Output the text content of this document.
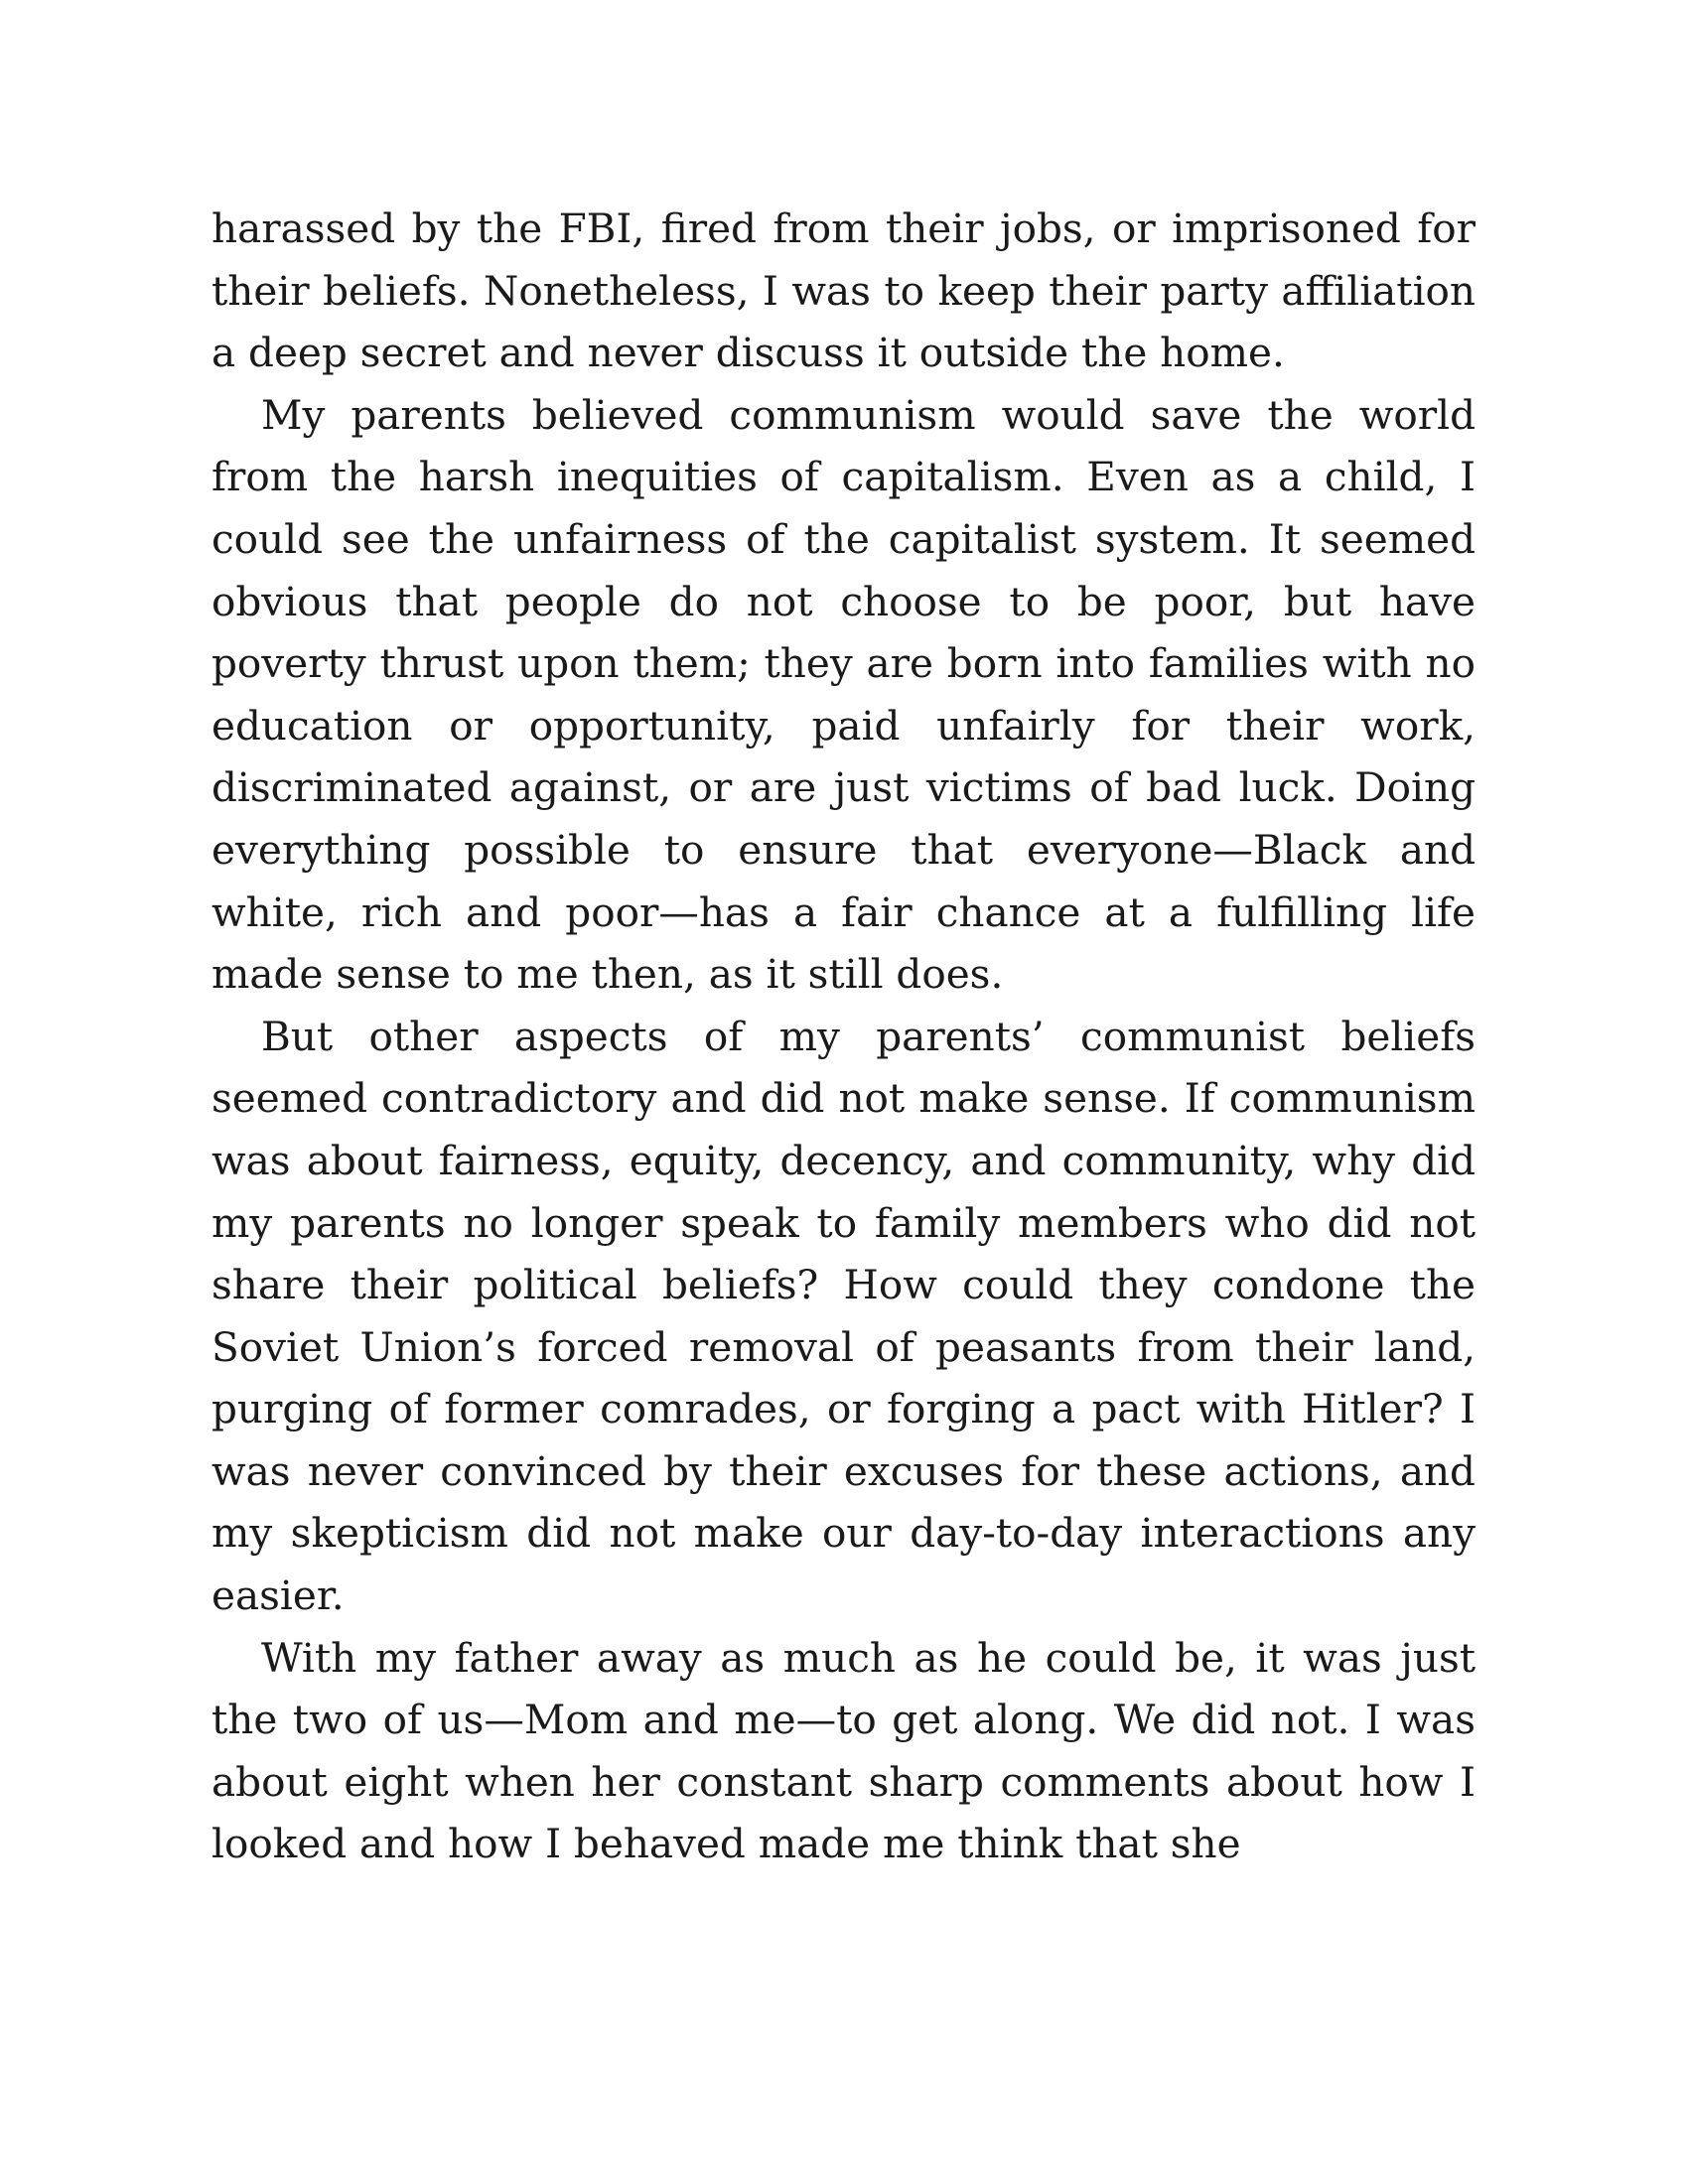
harassed by the FBI, fired from their jobs, or imprisoned for their beliefs. Nonetheless, I was to keep their party affiliation a deep secret and never discuss it outside the home.

My parents believed communism would save the world from the harsh inequities of capitalism. Even as a child, I could see the unfairness of the capitalist system. It seemed obvious that people do not choose to be poor, but have poverty thrust upon them; they are born into families with no education or opportunity, paid unfairly for their work, discriminated against, or are just victims of bad luck. Doing everything possible to ensure that everyone—Black and white, rich and poor—has a fair chance at a fulfilling life made sense to me then, as it still does.

But other aspects of my parents’ communist beliefs seemed contradictory and did not make sense. If communism was about fairness, equity, decency, and community, why did my parents no longer speak to family members who did not share their political beliefs? How could they condone the Soviet Union’s forced removal of peasants from their land, purging of former comrades, or forging a pact with Hitler? I was never convinced by their excuses for these actions, and my skepticism did not make our day-to-day interactions any easier.

With my father away as much as he could be, it was just the two of us—Mom and me—to get along. We did not. I was about eight when her constant sharp comments about how I looked and how I behaved made me think that she
